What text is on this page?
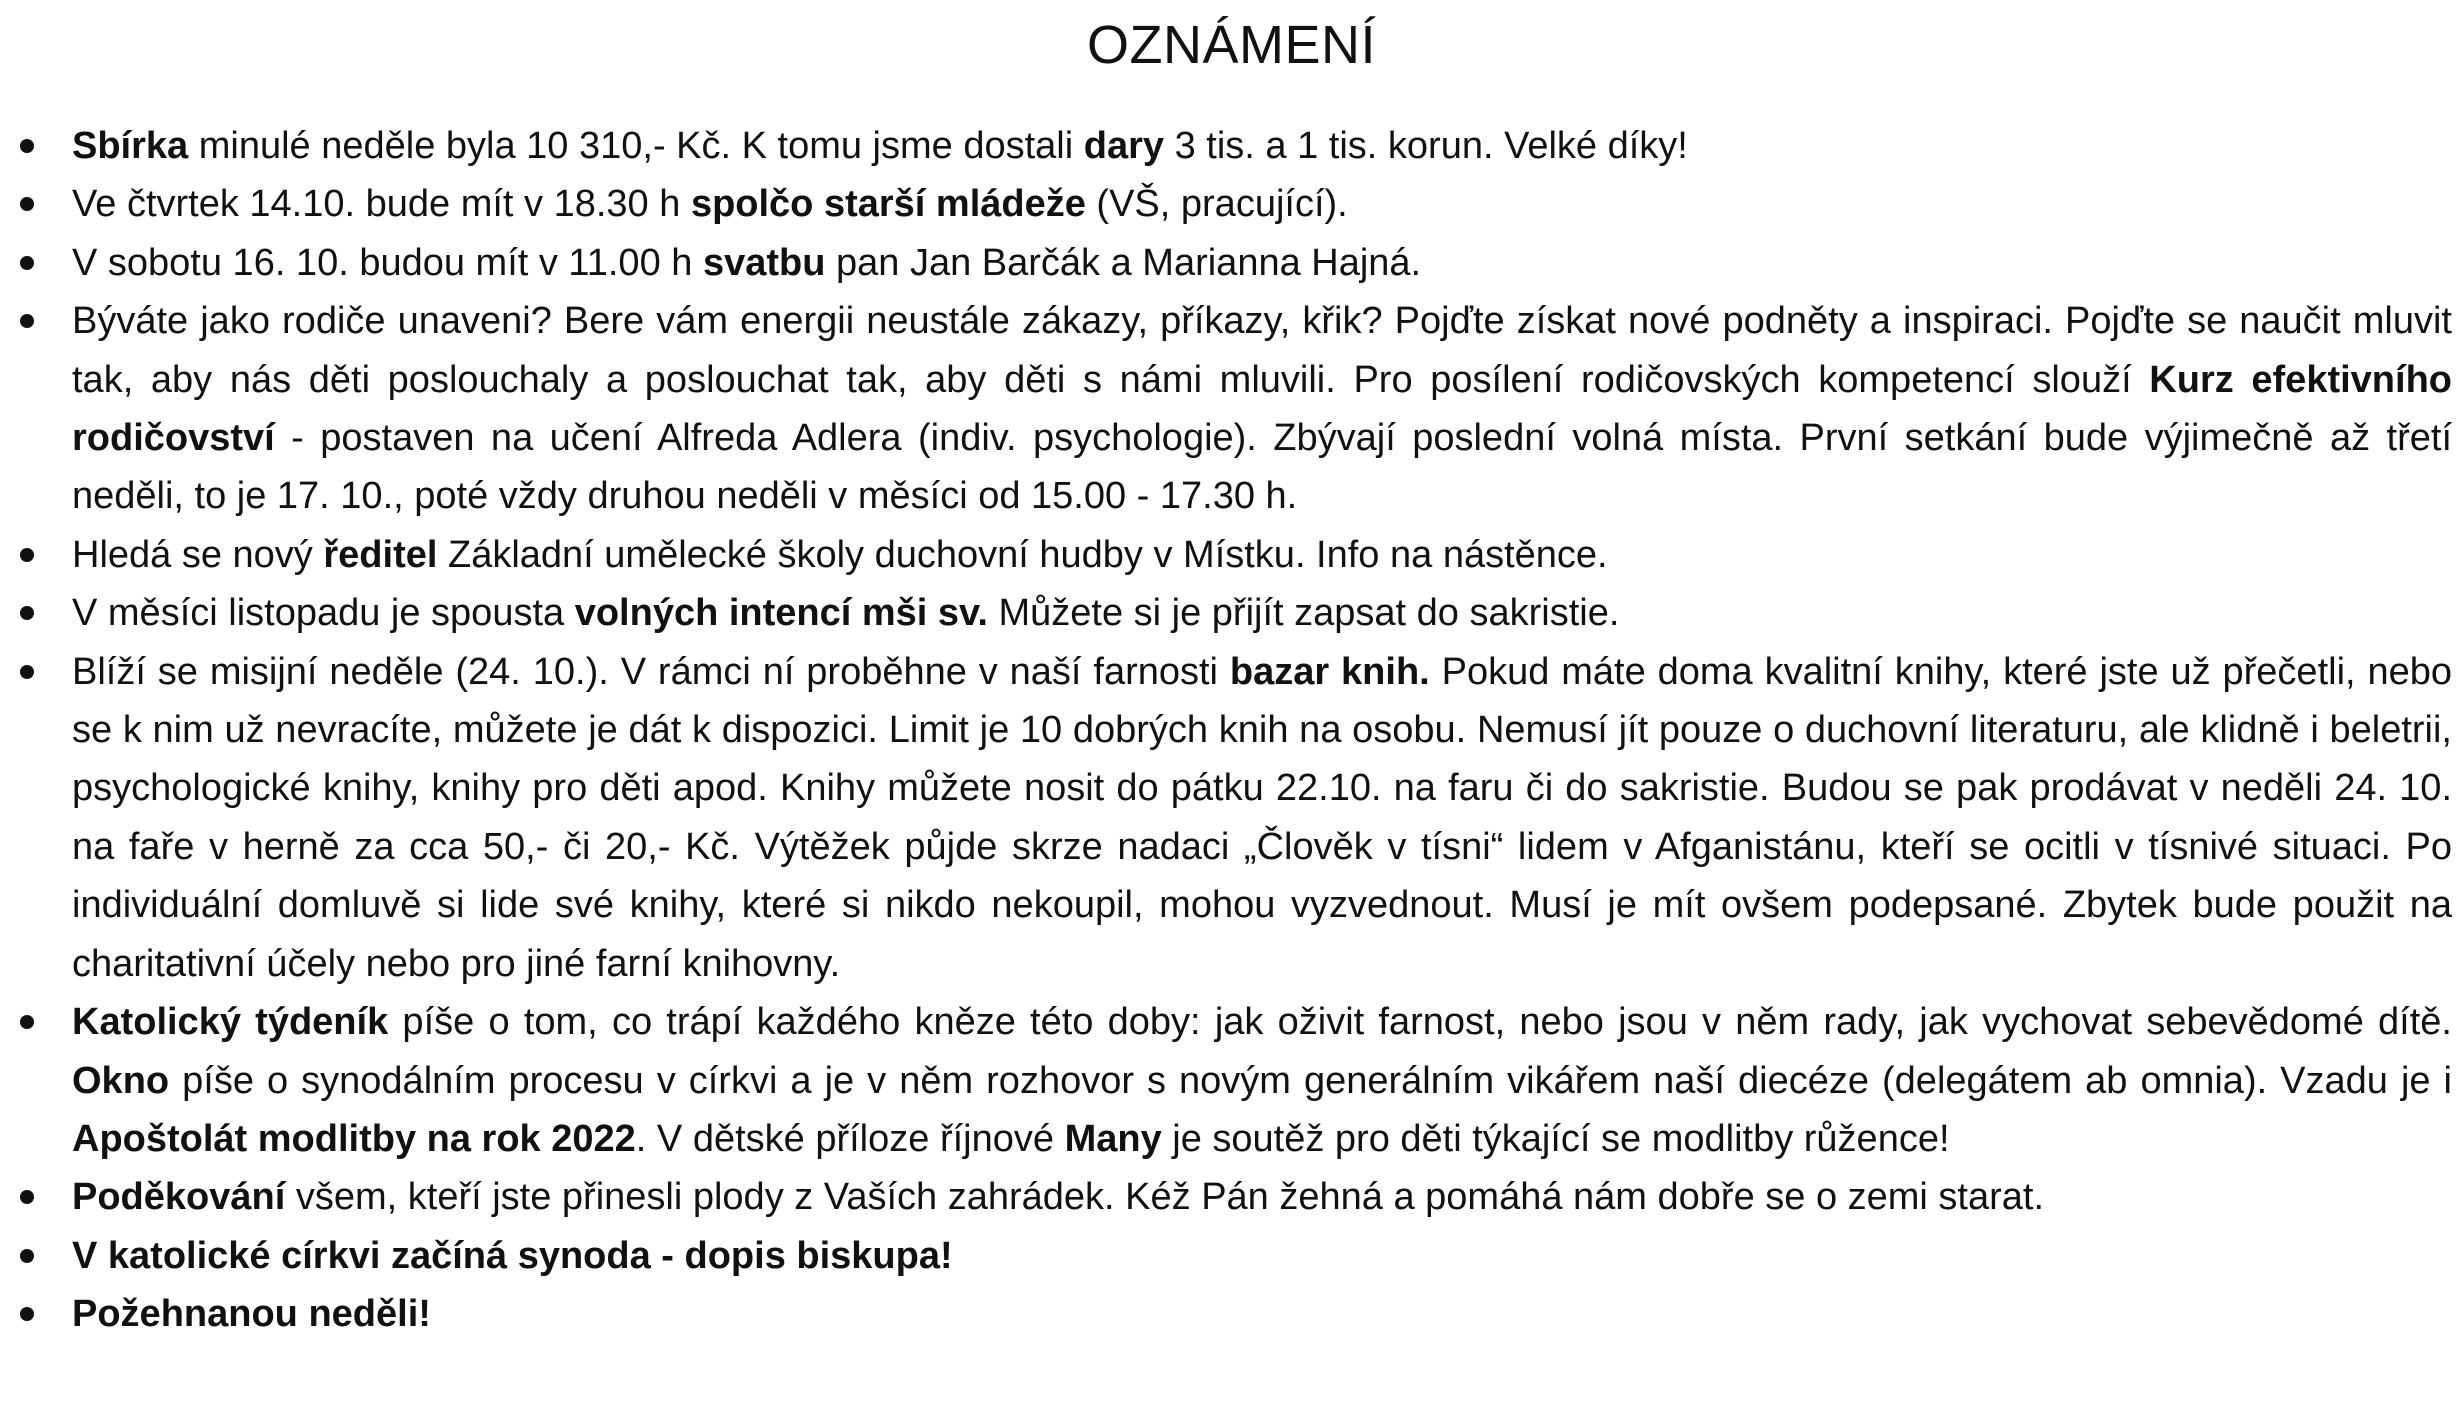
OZNÁMENÍ
Sbírka minulé neděle byla 10 310,- Kč. K tomu jsme dostali dary 3 tis. a 1 tis. korun. Velké díky!
Ve čtvrtek 14.10. bude mít v 18.30 h spolčo starší mládeže (VŠ, pracující).
V sobotu 16. 10. budou mít v 11.00 h svatbu pan Jan Barčák a Marianna Hajná.
Býváte jako rodiče unaveni? Bere vám energii neustále zákazy, příkazy, křik? Pojďte získat nové podněty a inspiraci. Pojďte se naučit mluvit tak, aby nás děti poslouchaly a poslouchat tak, aby děti s námi mluvili. Pro posílení rodičovských kompetencí slouží Kurz efektivního rodičovství - postaven na učení Alfreda Adlera (indiv. psychologie). Zbývají poslední volná místa. První setkání bude výjimečně až třetí neděli, to je 17. 10., poté vždy druhou neděli v měsíci od 15.00 - 17.30 h.
Hledá se nový ředitel Základní umělecké školy duchovní hudby v Místku. Info na nástěnce.
V měsíci listopadu je spousta volných intencí mši sv. Můžete si je přijít zapsat do sakristie.
Blíží se misijní neděle (24. 10.). V rámci ní proběhne v naší farnosti bazar knih. Pokud máte doma kvalitní knihy, které jste už přečetli, nebo se k nim už nevracíte, můžete je dát k dispozici. Limit je 10 dobrých knih na osobu. Nemusí jít pouze o duchovní literaturu, ale klidně i beletrii, psychologické knihy, knihy pro děti apod. Knihy můžete nosit do pátku 22.10. na faru či do sakristie. Budou se pak prodávat v neděli 24. 10. na faře v herně za cca 50,- či 20,- Kč. Výtěžek půjde skrze nadaci „Člověk v tísni“ lidem v Afganistánu, kteří se ocitli v tísnivé situaci. Po individuální domluvě si lide své knihy, které si nikdo nekoupil, mohou vyzvednout. Musí je mít ovšem podepsané. Zbytek bude použit na charitativní účely nebo pro jiné farní knihovny.
Katolický týdeník píše o tom, co trápí každého kněze této doby: jak oživit farnost, nebo jsou v něm rady, jak vychovat sebevědomé dítě. Okno píše o synodálním procesu v církvi a je v něm rozhovor s novým generálním vikářem naší diecéze (delegátem ab omnia). Vzadu je i Apoštolát modlitby na rok 2022. V dětské příloze říjnové Many je soutěž pro děti týkající se modlitby růžence!
Poděkování všem, kteří jste přinesli plody z Vaších zahrádek. Kéž Pán žehná a pomáhá nám dobře se o zemi starat.
V katolické církvi začíná synoda - dopis biskupa!
Požehnanou neděli!
